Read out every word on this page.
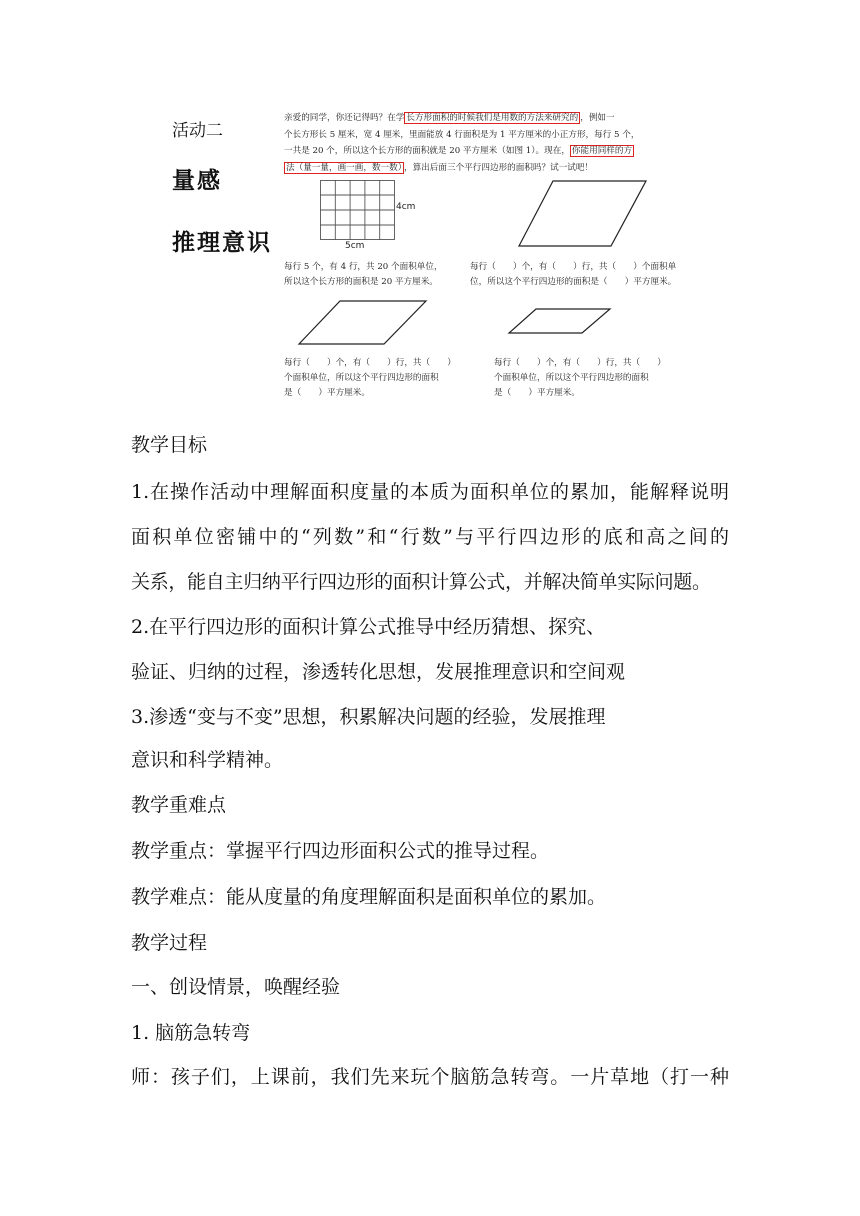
活动二
量感
推理意识

亲爱的同学，你还记得吗？在学 长方形面积的时候我们是用数的方法来研究的 ，例如一

个长方形长 5 厘米，宽 4 厘米，里面能放 4 行面积是为 1 平方厘米的小正方形，每行 5 个，

一共是 20 个，所以这个长方形的面积就是 20 平方厘米（如图 1）。现在， 你能用同样的方

法（量一量，画一画，数一数） ，算出后面三个平行四边形的面积吗？试一试吧！

5cm
4cm
每行 5 个，有 4 行，共 20 个面积单位，
所以这个长方形的面积是 20 平方厘米。
每行（　　）个，有（　　）行，共（　　）个面积单
位，所以这个平行四边形的面积是（　　）平方厘米。
每行（　　）个，有（　　）行，共（　　）
个面积单位，所以这个平行四边形的面积
是（　　）平方厘米。
每行（　　）个，有（　　）行，共（　　）
个面积单位，所以这个平行四边形的面积
是（　　）平方厘米。
教学目标
1.在操作活动中理解面积度量的本质为面积单位的累加，能解释说明
面积单位密铺中的“列数”和“行数”与平行四边形的底和高之间的
关系，能自主归纳平行四边形的面积计算公式，并解决简单实际问题。
2.在平行四边形的面积计算公式推导中经历猜想、探究、
验证、归纳的过程，渗透转化思想，发展推理意识和空间观
3.渗透“变与不变”思想，积累解决问题的经验，发展推理
意识和科学精神。
教学重难点
教学重点：掌握平行四边形面积公式的推导过程。
教学难点：能从度量的角度理解面积是面积单位的累加。
教学过程
一、创设情景，唤醒经验
1. 脑筋急转弯
师：孩子们，上课前，我们先来玩个脑筋急转弯。一片草地（打一种
